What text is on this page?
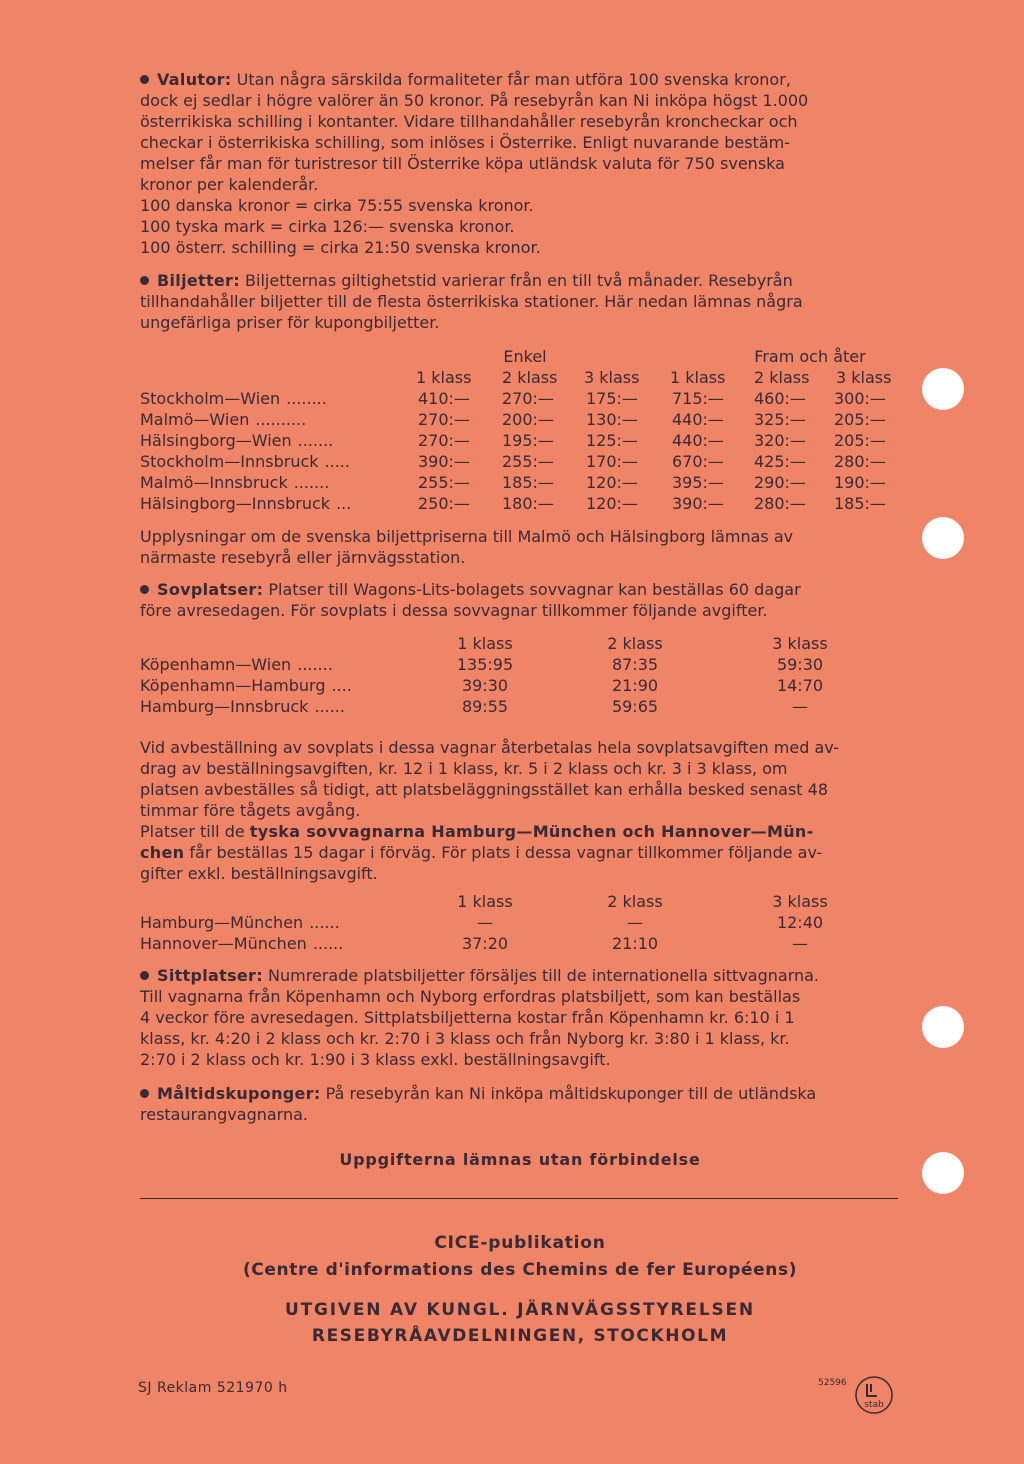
Valutor: Utan några särskilda formaliteter får man utföra 100 svenska kronor,
dock ej sedlar i högre valörer än 50 kronor. På resebyrån kan Ni inköpa högst 1.000
österrikiska schilling i kontanter. Vidare tillhandahåller resebyrån kroncheckar och
checkar i österrikiska schilling, som inlöses i Österrike. Enligt nuvarande bestäm-
melser får man för turistresor till Österrike köpa utländsk valuta för 750 svenska
kronor per kalenderår.
100 danska kronor = cirka 75:55 svenska kronor.
100 tyska mark = cirka 126:— svenska kronor.
100 österr. schilling = cirka 21:50 svenska kronor.
Biljetter: Biljetternas giltighetstid varierar från en till två månader. Resebyrån
tillhandahåller biljetter till de flesta österrikiska stationer. Här nedan lämnas några
ungefärliga priser för kupongbiljetter.
Enkel	Fram och åter
1 klass 2 klass 3 klass 1 klass 2 klass 3 klass
Stockholm—Wien ........	410:— 270:— 175:— 715:— 460:— 300:—
Malmö—Wien ..........	270:— 200:— 130:— 440:— 325:— 205:—
Hälsingborg—Wien .......	270:— 195:— 125:— 440:— 320:— 205:—
Stockholm—Innsbruck .....	390:— 255:— 170:— 670:— 425:— 280:—
Malmö—Innsbruck .......	255:— 185:— 120:— 395:— 290:— 190:—
Hälsingborg—Innsbruck ...	250:— 180:— 120:— 390:— 280:— 185:—
Upplysningar om de svenska biljettpriserna till Malmö och Hälsingborg lämnas av
närmaste resebyrå eller järnvägsstation.
Sovplatser: Platser till Wagons-Lits-bolagets sovvagnar kan beställas 60 dagar
före avresedagen. För sovplats i dessa sovvagnar tillkommer följande avgifter.
1 klass	2 klass	3 klass
Köpenhamn—Wien .......	135:95	87:35	59:30
Köpenhamn—Hamburg ....	39:30	21:90	14:70
Hamburg—Innsbruck ......	89:55	59:65	—
Vid avbeställning av sovplats i dessa vagnar återbetalas hela sovplatsavgiften med av-
drag av beställningsavgiften, kr. 12 i 1 klass, kr. 5 i 2 klass och kr. 3 i 3 klass, om
platsen avbeställes så tidigt, att platsbeläggningsstället kan erhålla besked senast 48
timmar före tågets avgång.
Platser till de tyska sovvagnarna Hamburg—München och Hannover—Mün-
chen får beställas 15 dagar i förväg. För plats i dessa vagnar tillkommer följande av-
gifter exkl. beställningsavgift.
1 klass	2 klass	3 klass
Hamburg—München ......	—	—	12:40
Hannover—München ......	37:20	21:10	—
Sittplatser: Numrerade platsbiljetter försäljes till de internationella sittvagnarna.
Till vagnarna från Köpenhamn och Nyborg erfordras platsbiljett, som kan beställas
4 veckor före avresedagen. Sittplatsbiljetterna kostar från Köpenhamn kr. 6:10 i 1
klass, kr. 4:20 i 2 klass och kr. 2:70 i 3 klass och från Nyborg kr. 3:80 i 1 klass, kr.
2:70 i 2 klass och kr. 1:90 i 3 klass exkl. beställningsavgift.
Måltidskuponger: På resebyrån kan Ni inköpa måltidskuponger till de utländska
restaurangvagnarna.
Uppgifterna lämnas utan förbindelse
CICE-publikation
(Centre d'informations des Chemins de fer Européens)
UTGIVEN AV KUNGL. JÄRNVÄGSSTYRELSEN
RESEBYRÅAVDELNINGEN, STOCKHOLM
SJ Reklam 521970 h	52596
stab
